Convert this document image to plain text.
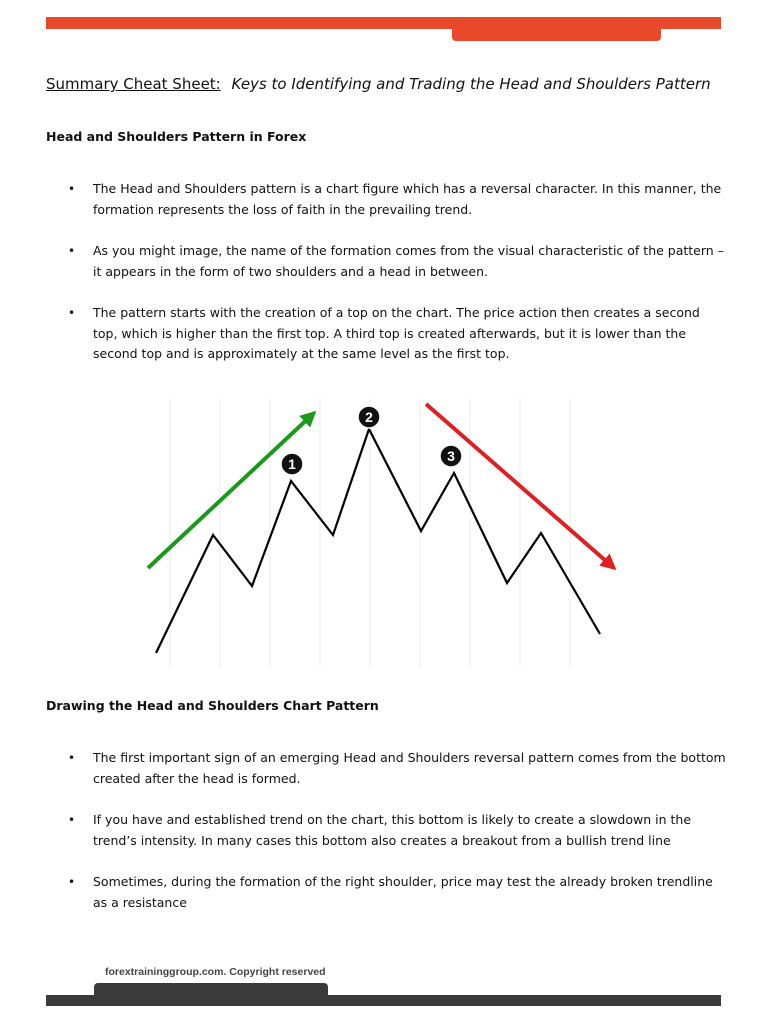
Summary Cheat Sheet: Keys to Identifying and Trading the Head and Shoulders Pattern
Head and Shoulders Pattern in Forex
• The Head and Shoulders pattern is a chart figure which has a reversal character. In this manner, the formation represents the loss of faith in the prevailing trend.
• As you might image, the name of the formation comes from the visual characteristic of the pattern – it appears in the form of two shoulders and a head in between.
• The pattern starts with the creation of a top on the chart. The price action then creates a second top, which is higher than the first top. A third top is created afterwards, but it is lower than the second top and is approximately at the same level as the first top.
1
2
3
Drawing the Head and Shoulders Chart Pattern
• The first important sign of an emerging Head and Shoulders reversal pattern comes from the bottom created after the head is formed.
• If you have and established trend on the chart, this bottom is likely to create a slowdown in the trend’s intensity. In many cases this bottom also creates a breakout from a bullish trend line
• Sometimes, during the formation of the right shoulder, price may test the already broken trendline as a resistance
forextraininggroup.com. Copyright reserved
